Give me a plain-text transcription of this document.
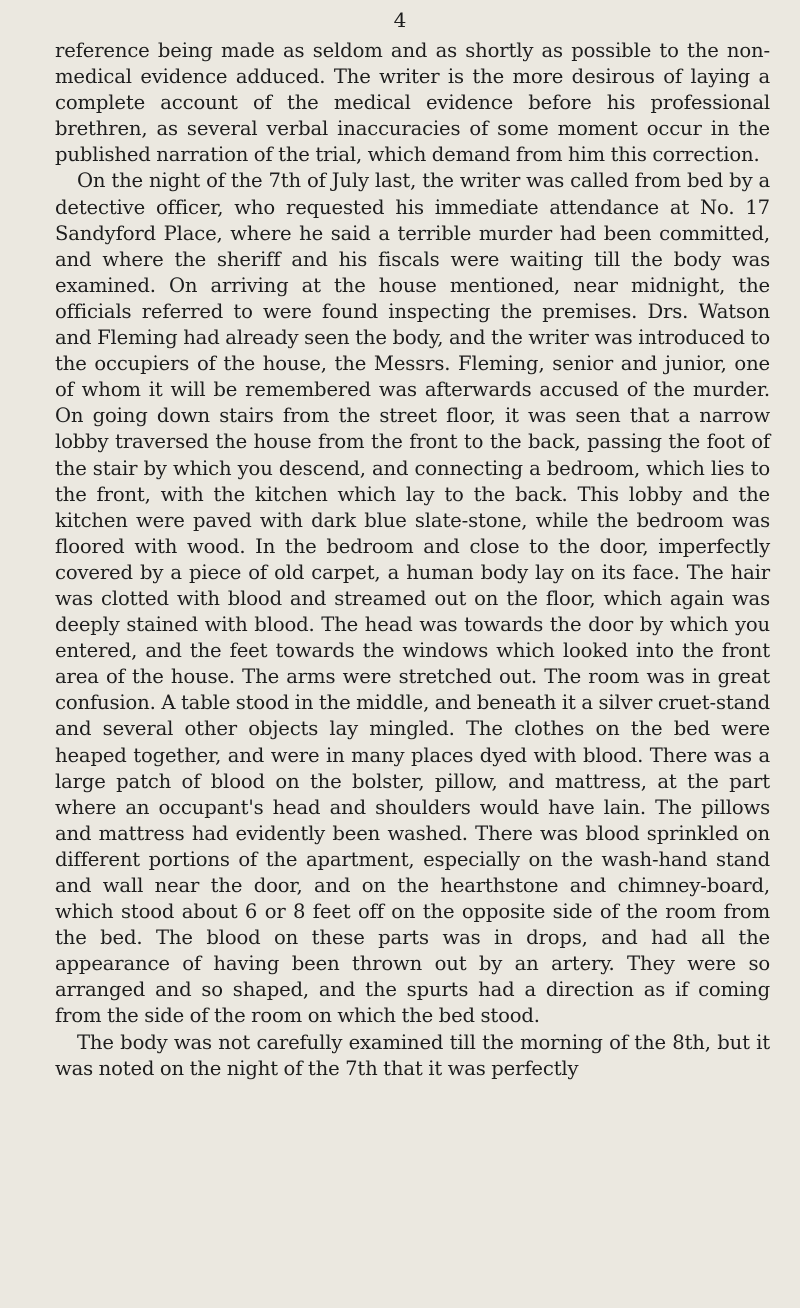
4

reference being made as seldom and as shortly as possible to the non-medical evidence adduced. The writer is the more desirous of laying a complete account of the medical evidence before his professional brethren, as several verbal inaccuracies of some moment occur in the published narration of the trial, which demand from him this correction.

On the night of the 7th of July last, the writer was called from bed by a detective officer, who requested his immediate attendance at No. 17 Sandyford Place, where he said a terrible murder had been committed, and where the sheriff and his fiscals were waiting till the body was examined. On arriving at the house mentioned, near midnight, the officials referred to were found inspecting the premises. Drs. Watson and Fleming had already seen the body, and the writer was introduced to the occupiers of the house, the Messrs. Fleming, senior and junior, one of whom it will be remembered was afterwards accused of the murder. On going down stairs from the street floor, it was seen that a narrow lobby traversed the house from the front to the back, passing the foot of the stair by which you descend, and connecting a bedroom, which lies to the front, with the kitchen which lay to the back. This lobby and the kitchen were paved with dark blue slate-stone, while the bedroom was floored with wood. In the bedroom and close to the door, imperfectly covered by a piece of old carpet, a human body lay on its face. The hair was clotted with blood and streamed out on the floor, which again was deeply stained with blood. The head was towards the door by which you entered, and the feet towards the windows which looked into the front area of the house. The arms were stretched out. The room was in great confusion. A table stood in the middle, and beneath it a silver cruet-stand and several other objects lay mingled. The clothes on the bed were heaped together, and were in many places dyed with blood. There was a large patch of blood on the bolster, pillow, and mattress, at the part where an occupant's head and shoulders would have lain. The pillows and mattress had evidently been washed. There was blood sprinkled on different portions of the apartment, especially on the wash-hand stand and wall near the door, and on the hearthstone and chimney-board, which stood about 6 or 8 feet off on the opposite side of the room from the bed. The blood on these parts was in drops, and had all the appearance of having been thrown out by an artery. They were so arranged and so shaped, and the spurts had a direction as if coming from the side of the room on which the bed stood.

The body was not carefully examined till the morning of the 8th, but it was noted on the night of the 7th that it was perfectly
